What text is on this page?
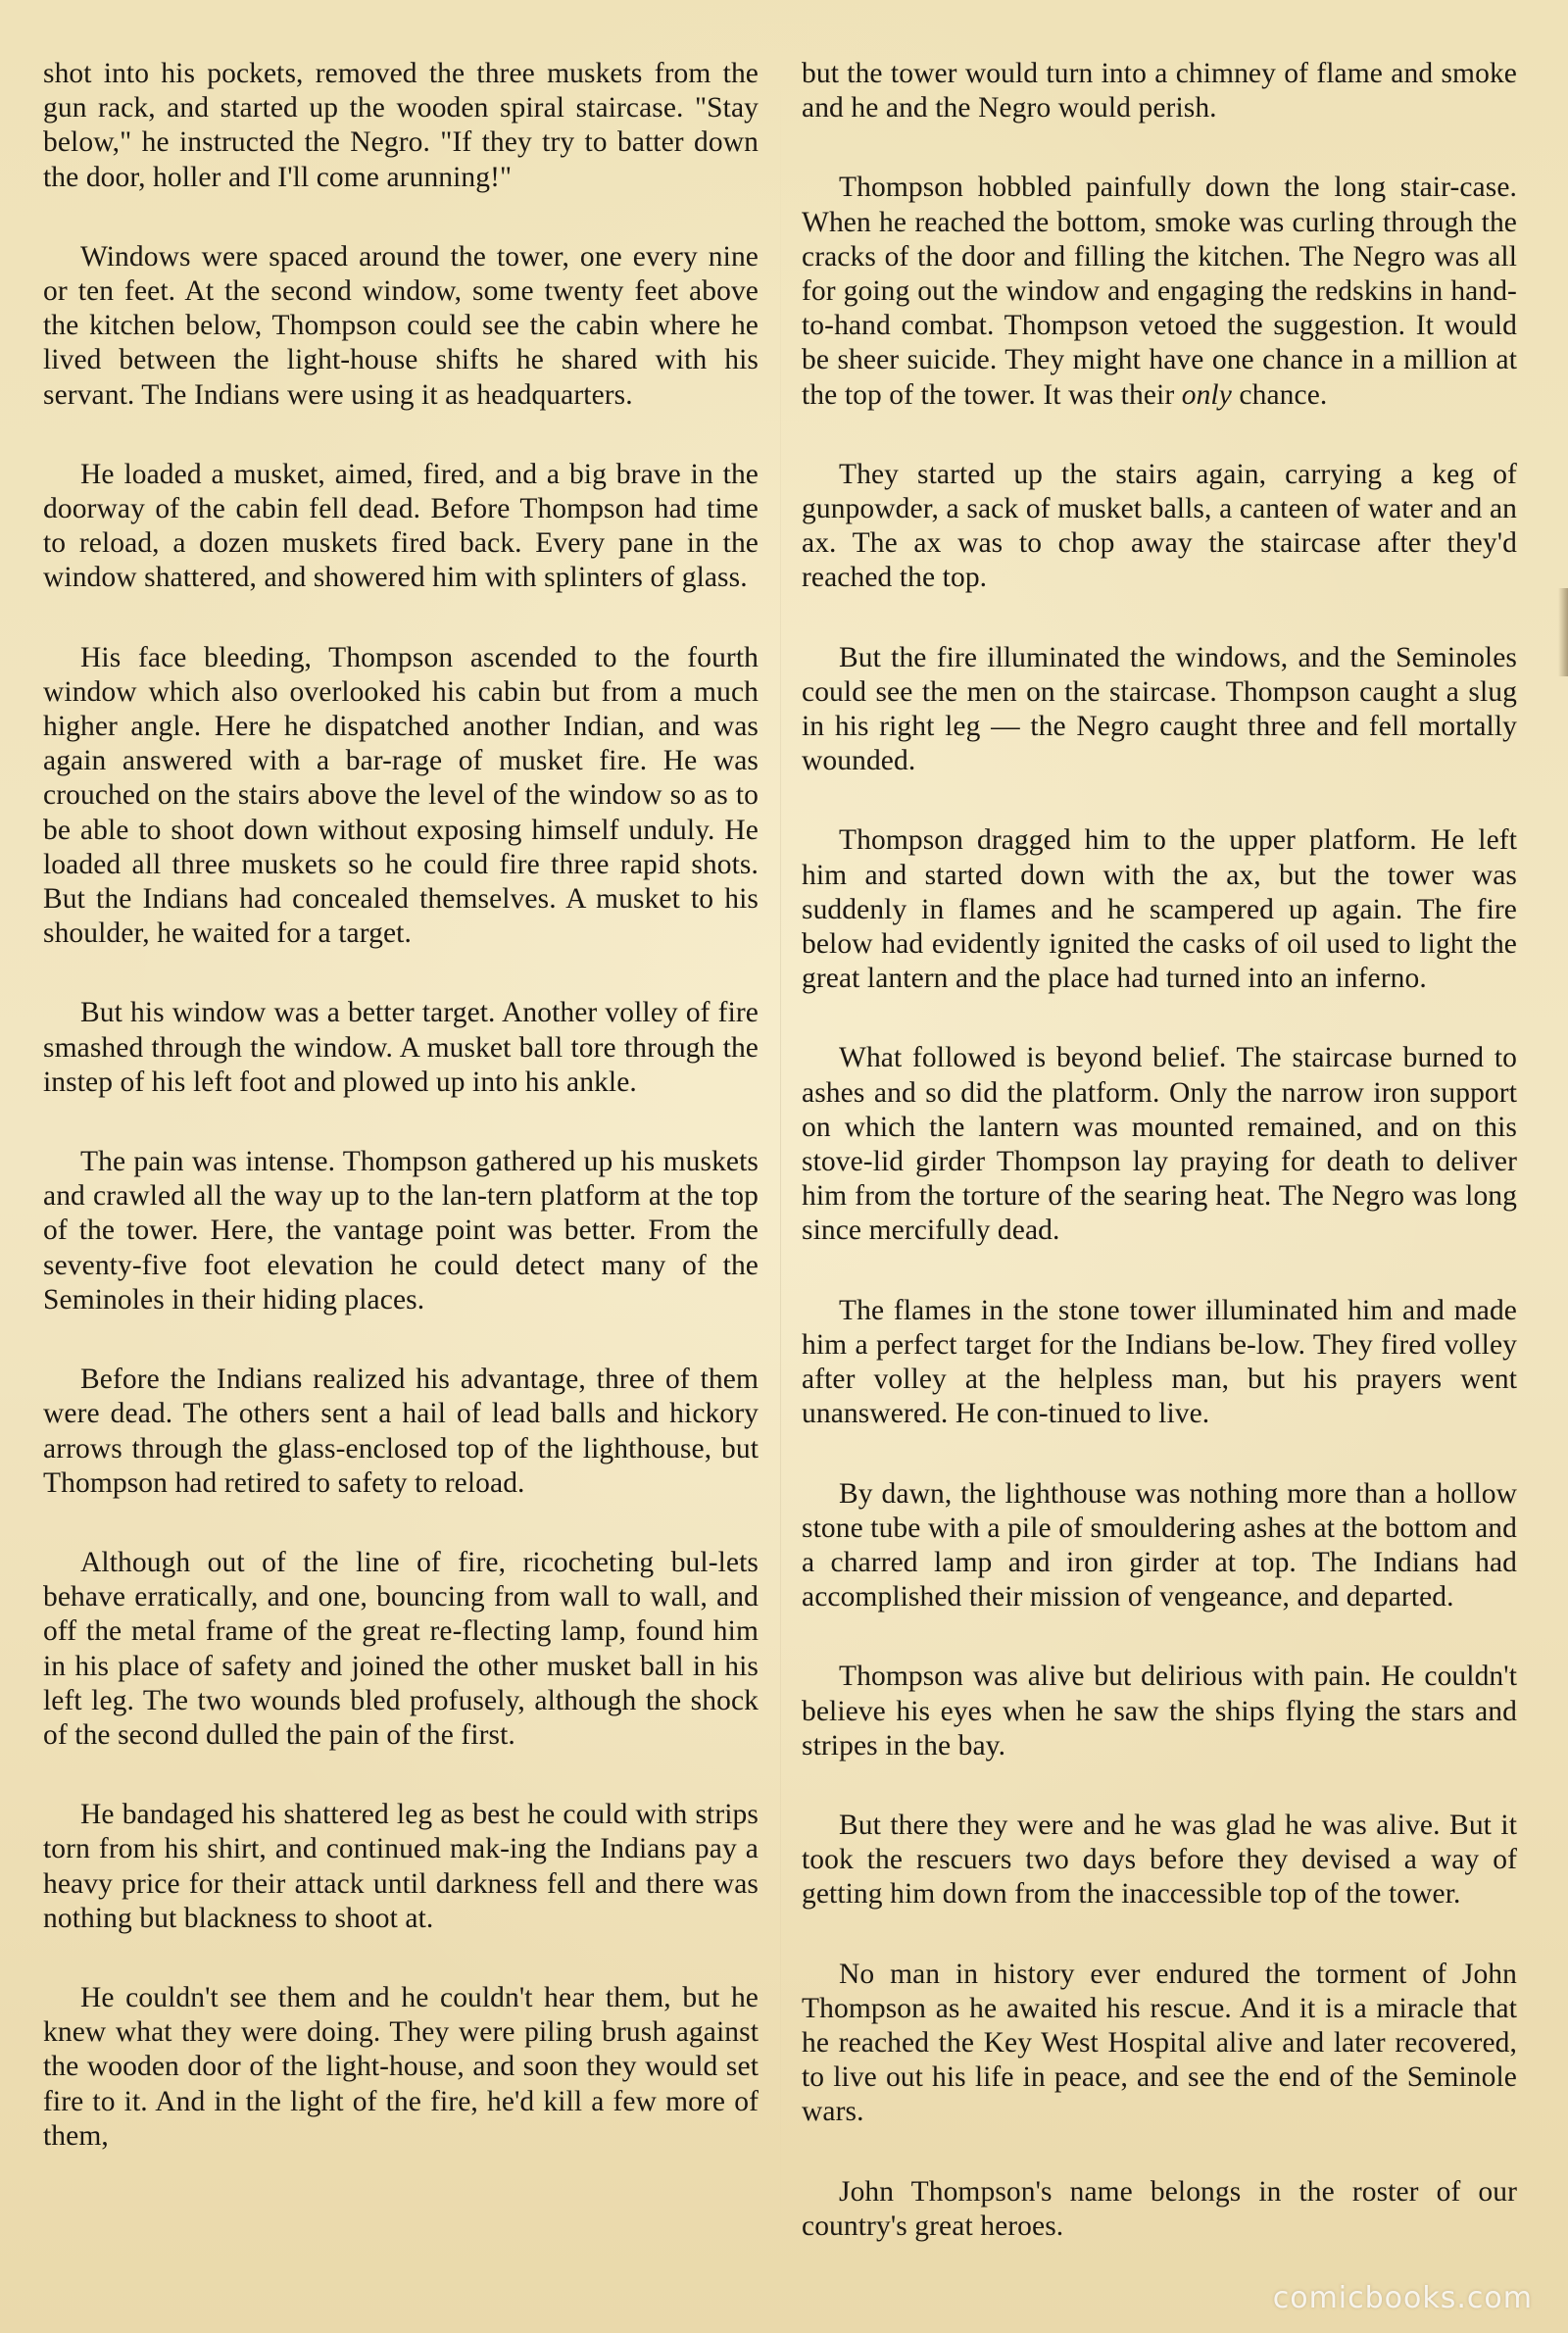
shot into his pockets, removed the three muskets from the gun rack, and started up the wooden spiral staircase. "Stay below," he instructed the Negro. "If they try to batter down the door, holler and I'll come arunning!"

Windows were spaced around the tower, one every nine or ten feet. At the second window, some twenty feet above the kitchen below, Thompson could see the cabin where he lived between the light-house shifts he shared with his servant. The Indians were using it as headquarters.

He loaded a musket, aimed, fired, and a big brave in the doorway of the cabin fell dead. Before Thompson had time to reload, a dozen muskets fired back. Every pane in the window shattered, and showered him with splinters of glass.

His face bleeding, Thompson ascended to the fourth window which also overlooked his cabin but from a much higher angle. Here he dispatched another Indian, and was again answered with a bar-rage of musket fire. He was crouched on the stairs above the level of the window so as to be able to shoot down without exposing himself unduly. He loaded all three muskets so he could fire three rapid shots. But the Indians had concealed themselves. A musket to his shoulder, he waited for a target.

But his window was a better target. Another volley of fire smashed through the window. A musket ball tore through the instep of his left foot and plowed up into his ankle.

The pain was intense. Thompson gathered up his muskets and crawled all the way up to the lan-tern platform at the top of the tower. Here, the vantage point was better. From the seventy-five foot elevation he could detect many of the Seminoles in their hiding places.

Before the Indians realized his advantage, three of them were dead. The others sent a hail of lead balls and hickory arrows through the glass-enclosed top of the lighthouse, but Thompson had retired to safety to reload.

Although out of the line of fire, ricocheting bul-lets behave erratically, and one, bouncing from wall to wall, and off the metal frame of the great re-flecting lamp, found him in his place of safety and joined the other musket ball in his left leg. The two wounds bled profusely, although the shock of the second dulled the pain of the first.

He bandaged his shattered leg as best he could with strips torn from his shirt, and continued mak-ing the Indians pay a heavy price for their attack until darkness fell and there was nothing but blackness to shoot at.

He couldn't see them and he couldn't hear them, but he knew what they were doing. They were piling brush against the wooden door of the light-house, and soon they would set fire to it. And in the light of the fire, he'd kill a few more of them,

but the tower would turn into a chimney of flame and smoke and he and the Negro would perish.

Thompson hobbled painfully down the long stair-case. When he reached the bottom, smoke was curling through the cracks of the door and filling the kitchen. The Negro was all for going out the window and engaging the redskins in hand-to-hand combat. Thompson vetoed the suggestion. It would be sheer suicide. They might have one chance in a million at the top of the tower. It was their only chance.

They started up the stairs again, carrying a keg of gunpowder, a sack of musket balls, a canteen of water and an ax. The ax was to chop away the staircase after they'd reached the top.

But the fire illuminated the windows, and the Seminoles could see the men on the staircase. Thompson caught a slug in his right leg — the Negro caught three and fell mortally wounded.

Thompson dragged him to the upper platform. He left him and started down with the ax, but the tower was suddenly in flames and he scampered up again. The fire below had evidently ignited the casks of oil used to light the great lantern and the place had turned into an inferno.

What followed is beyond belief. The staircase burned to ashes and so did the platform. Only the narrow iron support on which the lantern was mounted remained, and on this stove-lid girder Thompson lay praying for death to deliver him from the torture of the searing heat. The Negro was long since mercifully dead.

The flames in the stone tower illuminated him and made him a perfect target for the Indians be-low. They fired volley after volley at the helpless man, but his prayers went unanswered. He con-tinued to live.

By dawn, the lighthouse was nothing more than a hollow stone tube with a pile of smouldering ashes at the bottom and a charred lamp and iron girder at top. The Indians had accomplished their mission of vengeance, and departed.

Thompson was alive but delirious with pain. He couldn't believe his eyes when he saw the ships flying the stars and stripes in the bay.

But there they were and he was glad he was alive. But it took the rescuers two days before they devised a way of getting him down from the inaccessible top of the tower.

No man in history ever endured the torment of John Thompson as he awaited his rescue. And it is a miracle that he reached the Key West Hospital alive and later recovered, to live out his life in peace, and see the end of the Seminole wars.

John Thompson's name belongs in the roster of our country's great heroes.

comicbooks.com
